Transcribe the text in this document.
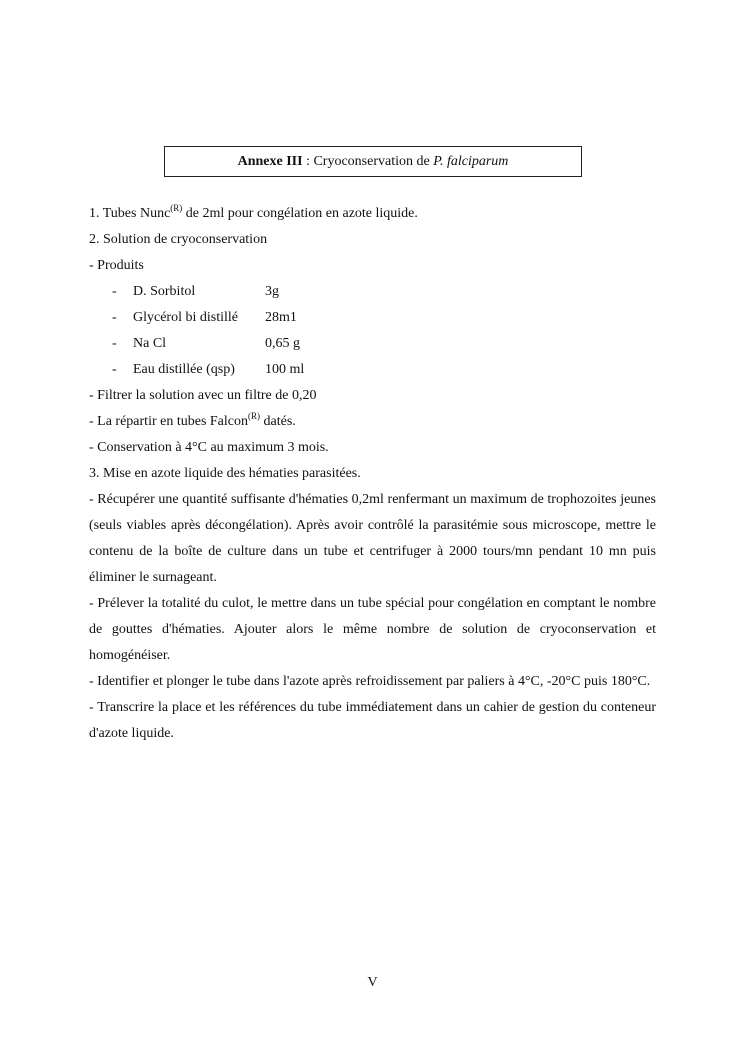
Annexe III : Cryoconservation de P. falciparum
1. Tubes Nunc$^{(R)}$ de 2ml pour congélation en azote liquide.
2. Solution de cryoconservation
- Produits
- D. Sorbitol	3g
- Glycérol bi distillé 28m1
- Na Cl	0,65 g
- Eau distillée (qsp) 100 ml
- Filtrer la solution avec un filtre de 0,20
- La répartir en tubes Falcon$^{(R)}$ datés.
- Conservation à 4°C au maximum 3 mois.
3. Mise en azote liquide des hématies parasitées.
- Récupérer une quantité suffisante d'hématies 0,2ml renfermant un maximum de trophozoites jeunes (seuls viables après décongélation). Après avoir contrôlé la parasitémie sous microscope, mettre le contenu de la boîte de culture dans un tube et centrifuger à 2000 tours/mn pendant 10 mn puis éliminer le surnageant.
- Prélever la totalité du culot, le mettre dans un tube spécial pour congélation en comptant le nombre de gouttes d'hématies. Ajouter alors le même nombre de solution de cryoconservation et homogénéiser.
- Identifier et plonger le tube dans l'azote après refroidissement par paliers à 4°C, -20°C puis 180°C.
- Transcrire la place et les références du tube immédiatement dans un cahier de gestion du conteneur d'azote liquide.
V
